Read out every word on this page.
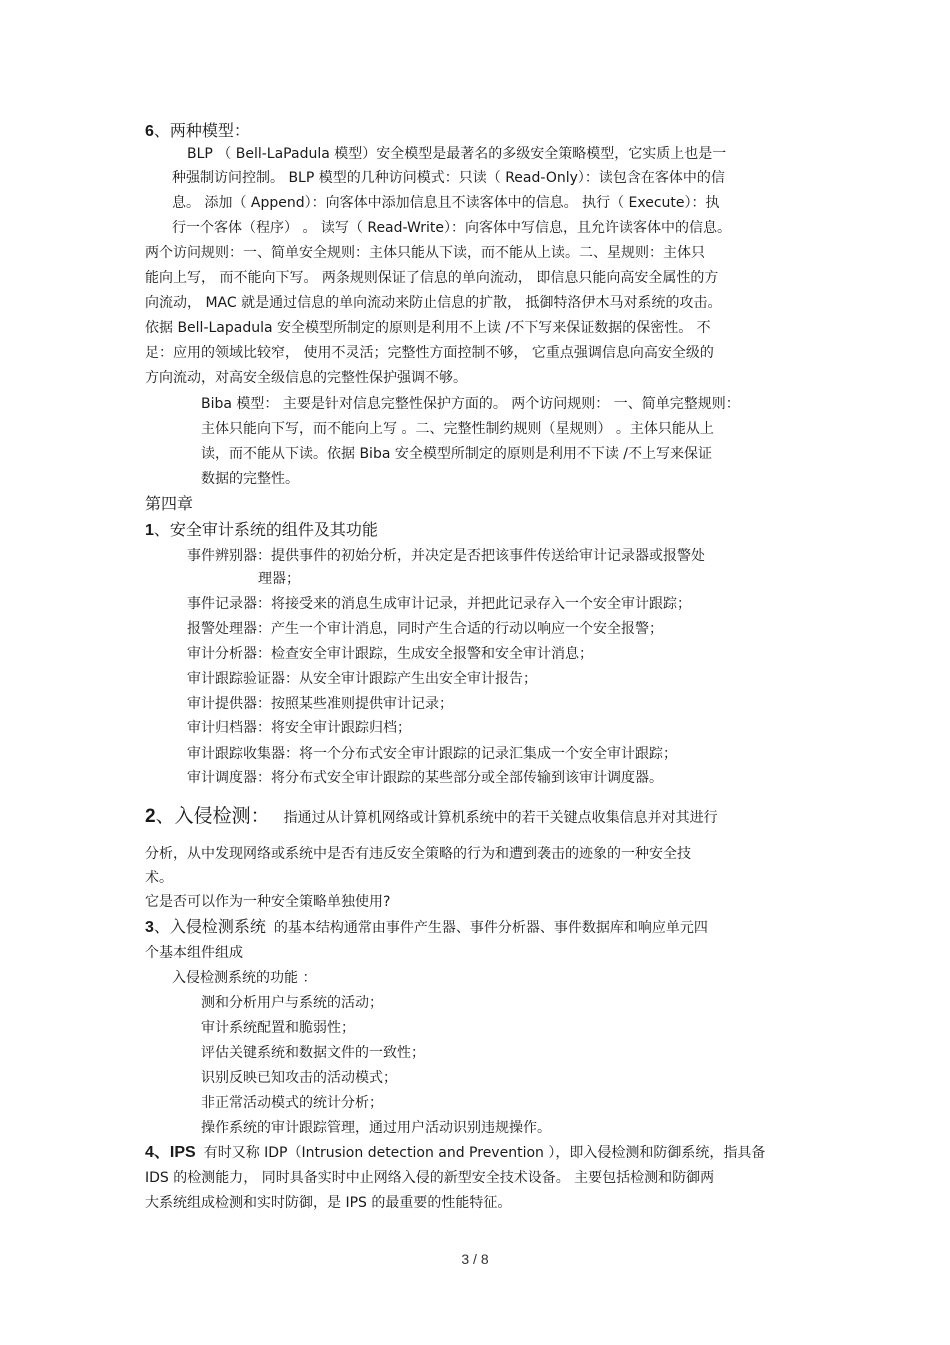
6、两种模型：
BLP （ Bell-LaPadula 模型）安全模型是最著名的多级安全策略模型，它实质上也是一
种强制访问控制。 BLP 模型的几种访问模式：只读（ Read-Only）：读包含在客体中的信
息。 添加（ Append）：向客体中添加信息且不读客体中的信息。 执行（ Execute）：执
行一个客体（程序） 。 读写（ Read-Write）：向客体中写信息，且允许读客体中的信息。
两个访问规则：一、简单安全规则：主体只能从下读，而不能从上读。二、星规则：主体只
能向上写， 而不能向下写。 两条规则保证了信息的单向流动， 即信息只能向高安全属性的方
向流动， MAC 就是通过信息的单向流动来防止信息的扩散， 抵御特洛伊木马对系统的攻击。
依据 Bell-Lapadula 安全模型所制定的原则是利用不上读 /不下写来保证数据的保密性。 不
足：应用的领域比较窄， 使用不灵活；完整性方面控制不够， 它重点强调信息向高安全级的
方向流动，对高安全级信息的完整性保护强调不够。
Biba 模型： 主要是针对信息完整性保护方面的。 两个访问规则： 一、简单完整规则：
主体只能向下写，而不能向上写 。二、完整性制约规则（星规则） 。主体只能从上
读，而不能从下读。依据 Biba 安全模型所制定的原则是利用不下读 /不上写来保证
数据的完整性。
第四章
1、安全审计系统的组件及其功能
事件辨别器：提供事件的初始分析，并决定是否把该事件传送给审计记录器或报警处
理器；
事件记录器：将接受来的消息生成审计记录，并把此记录存入一个安全审计跟踪；
报警处理器：产生一个审计消息，同时产生合适的行动以响应一个安全报警；
审计分析器：检查安全审计跟踪，生成安全报警和安全审计消息；
审计跟踪验证器：从安全审计跟踪产生出安全审计报告；
审计提供器：按照某些准则提供审计记录；
审计归档器：将安全审计跟踪归档；
审计跟踪收集器：将一个分布式安全审计跟踪的记录汇集成一个安全审计跟踪；
审计调度器：将分布式安全审计跟踪的某些部分或全部传输到该审计调度器。
2、入侵检测： 指通过从计算机网络或计算机系统中的若干关键点收集信息并对其进行
分析，从中发现网络或系统中是否有违反安全策略的行为和遭到袭击的迹象的一种安全技
术。
它是否可以作为一种安全策略单独使用?
3、入侵检测系统 的基本结构通常由事件产生器、事件分析器、事件数据库和响应单元四
个基本组件组成
入侵检测系统的功能 ：
测和分析用户与系统的活动；
审计系统配置和脆弱性；
评估关键系统和数据文件的一致性；
识别反映已知攻击的活动模式；
非正常活动模式的统计分析；
操作系统的审计跟踪管理，通过用户活动识别违规操作。
4、IPS 有时又称 IDP（Intrusion detection and Prevention ），即入侵检测和防御系统，指具备
IDS 的检测能力， 同时具备实时中止网络入侵的新型安全技术设备。 主要包括检测和防御两
大系统组成检测和实时防御，是 IPS 的最重要的性能特征。
3 / 8
